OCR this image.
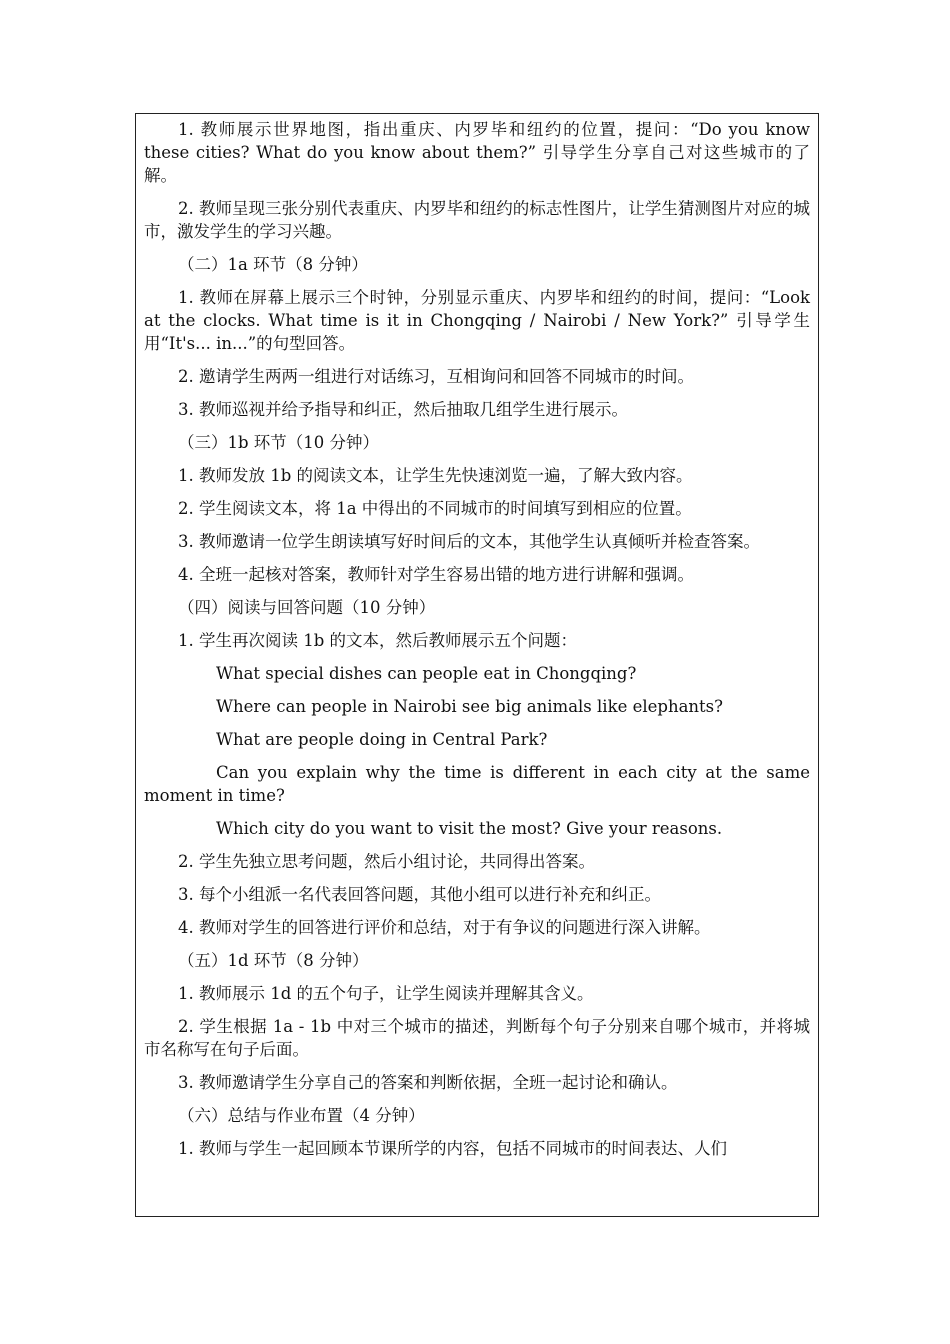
1. 教师展示世界地图，指出重庆、内罗毕和纽约的位置，提问：“Do you know these cities? What do you know about them?” 引导学生分享自己对这些城市的了解。

2. 教师呈现三张分别代表重庆、内罗毕和纽约的标志性图片，让学生猜测图片对应的城市，激发学生的学习兴趣。

（二）1a 环节（8 分钟）

1. 教师在屏幕上展示三个时钟，分别显示重庆、内罗毕和纽约的时间，提问：“Look at the clocks. What time is it in Chongqing / Nairobi / New York?” 引导学生用“It's... in...”的句型回答。

2. 邀请学生两两一组进行对话练习，互相询问和回答不同城市的时间。

3. 教师巡视并给予指导和纠正，然后抽取几组学生进行展示。

（三）1b 环节（10 分钟）

1. 教师发放 1b 的阅读文本，让学生先快速浏览一遍，了解大致内容。

2. 学生阅读文本，将 1a 中得出的不同城市的时间填写到相应的位置。

3. 教师邀请一位学生朗读填写好时间后的文本，其他学生认真倾听并检查答案。

4. 全班一起核对答案，教师针对学生容易出错的地方进行讲解和强调。

（四）阅读与回答问题（10 分钟）

1. 学生再次阅读 1b 的文本，然后教师展示五个问题：

What special dishes can people eat in Chongqing?

Where can people in Nairobi see big animals like elephants?

What are people doing in Central Park?

Can you explain why the time is different in each city at the same moment in time?

Which city do you want to visit the most? Give your reasons.

2. 学生先独立思考问题，然后小组讨论，共同得出答案。

3. 每个小组派一名代表回答问题，其他小组可以进行补充和纠正。

4. 教师对学生的回答进行评价和总结，对于有争议的问题进行深入讲解。

（五）1d 环节（8 分钟）

1. 教师展示 1d 的五个句子，让学生阅读并理解其含义。

2. 学生根据 1a - 1b 中对三个城市的描述，判断每个句子分别来自哪个城市，并将城市名称写在句子后面。

3. 教师邀请学生分享自己的答案和判断依据，全班一起讨论和确认。

（六）总结与作业布置（4 分钟）

1. 教师与学生一起回顾本节课所学的内容，包括不同城市的时间表达、人们
